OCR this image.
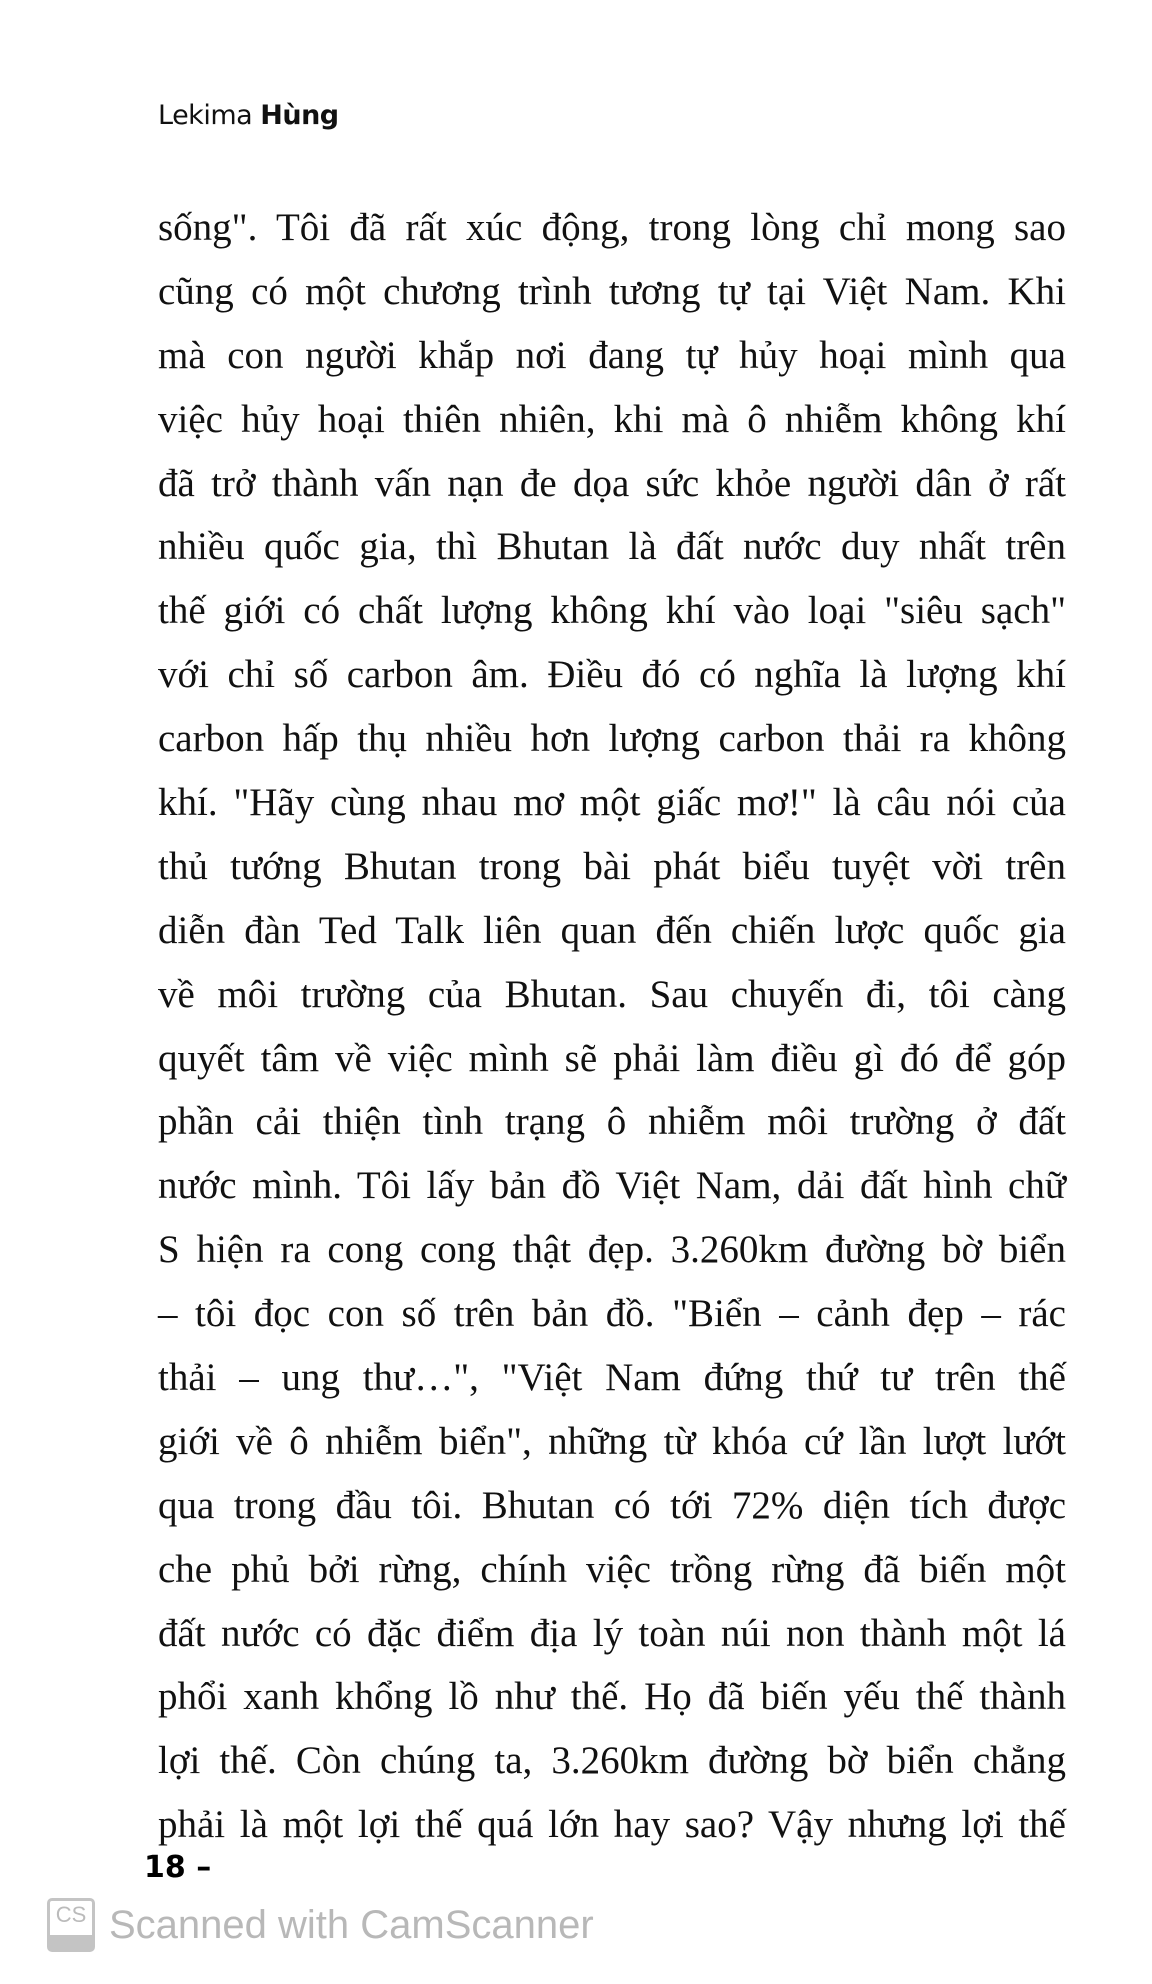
Lekima Hùng
sống". Tôi đã rất xúc động, trong lòng chỉ mong sao
cũng có một chương trình tương tự tại Việt Nam. Khi
mà con người khắp nơi đang tự hủy hoại mình qua
việc hủy hoại thiên nhiên, khi mà ô nhiễm không khí
đã trở thành vấn nạn đe dọa sức khỏe người dân ở rất
nhiều quốc gia, thì Bhutan là đất nước duy nhất trên
thế giới có chất lượng không khí vào loại "siêu sạch"
với chỉ số carbon âm. Điều đó có nghĩa là lượng khí
carbon hấp thụ nhiều hơn lượng carbon thải ra không
khí. "Hãy cùng nhau mơ một giấc mơ!" là câu nói của
thủ tướng Bhutan trong bài phát biểu tuyệt vời trên
diễn đàn Ted Talk liên quan đến chiến lược quốc gia
về môi trường của Bhutan. Sau chuyến đi, tôi càng
quyết tâm về việc mình sẽ phải làm điều gì đó để góp
phần cải thiện tình trạng ô nhiễm môi trường ở đất
nước mình. Tôi lấy bản đồ Việt Nam, dải đất hình chữ
S hiện ra cong cong thật đẹp. 3.260km đường bờ biển
– tôi đọc con số trên bản đồ. "Biển – cảnh đẹp – rác
thải – ung thư…", "Việt Nam đứng thứ tư trên thế
giới về ô nhiễm biển", những từ khóa cứ lần lượt lướt
qua trong đầu tôi. Bhutan có tới 72% diện tích được
che phủ bởi rừng, chính việc trồng rừng đã biến một
đất nước có đặc điểm địa lý toàn núi non thành một lá
phổi xanh khổng lồ như thế. Họ đã biến yếu thế thành
lợi thế. Còn chúng ta, 3.260km đường bờ biển chẳng
phải là một lợi thế quá lớn hay sao? Vậy nhưng lợi thế
18 –
CS Scanned with CamScanner
